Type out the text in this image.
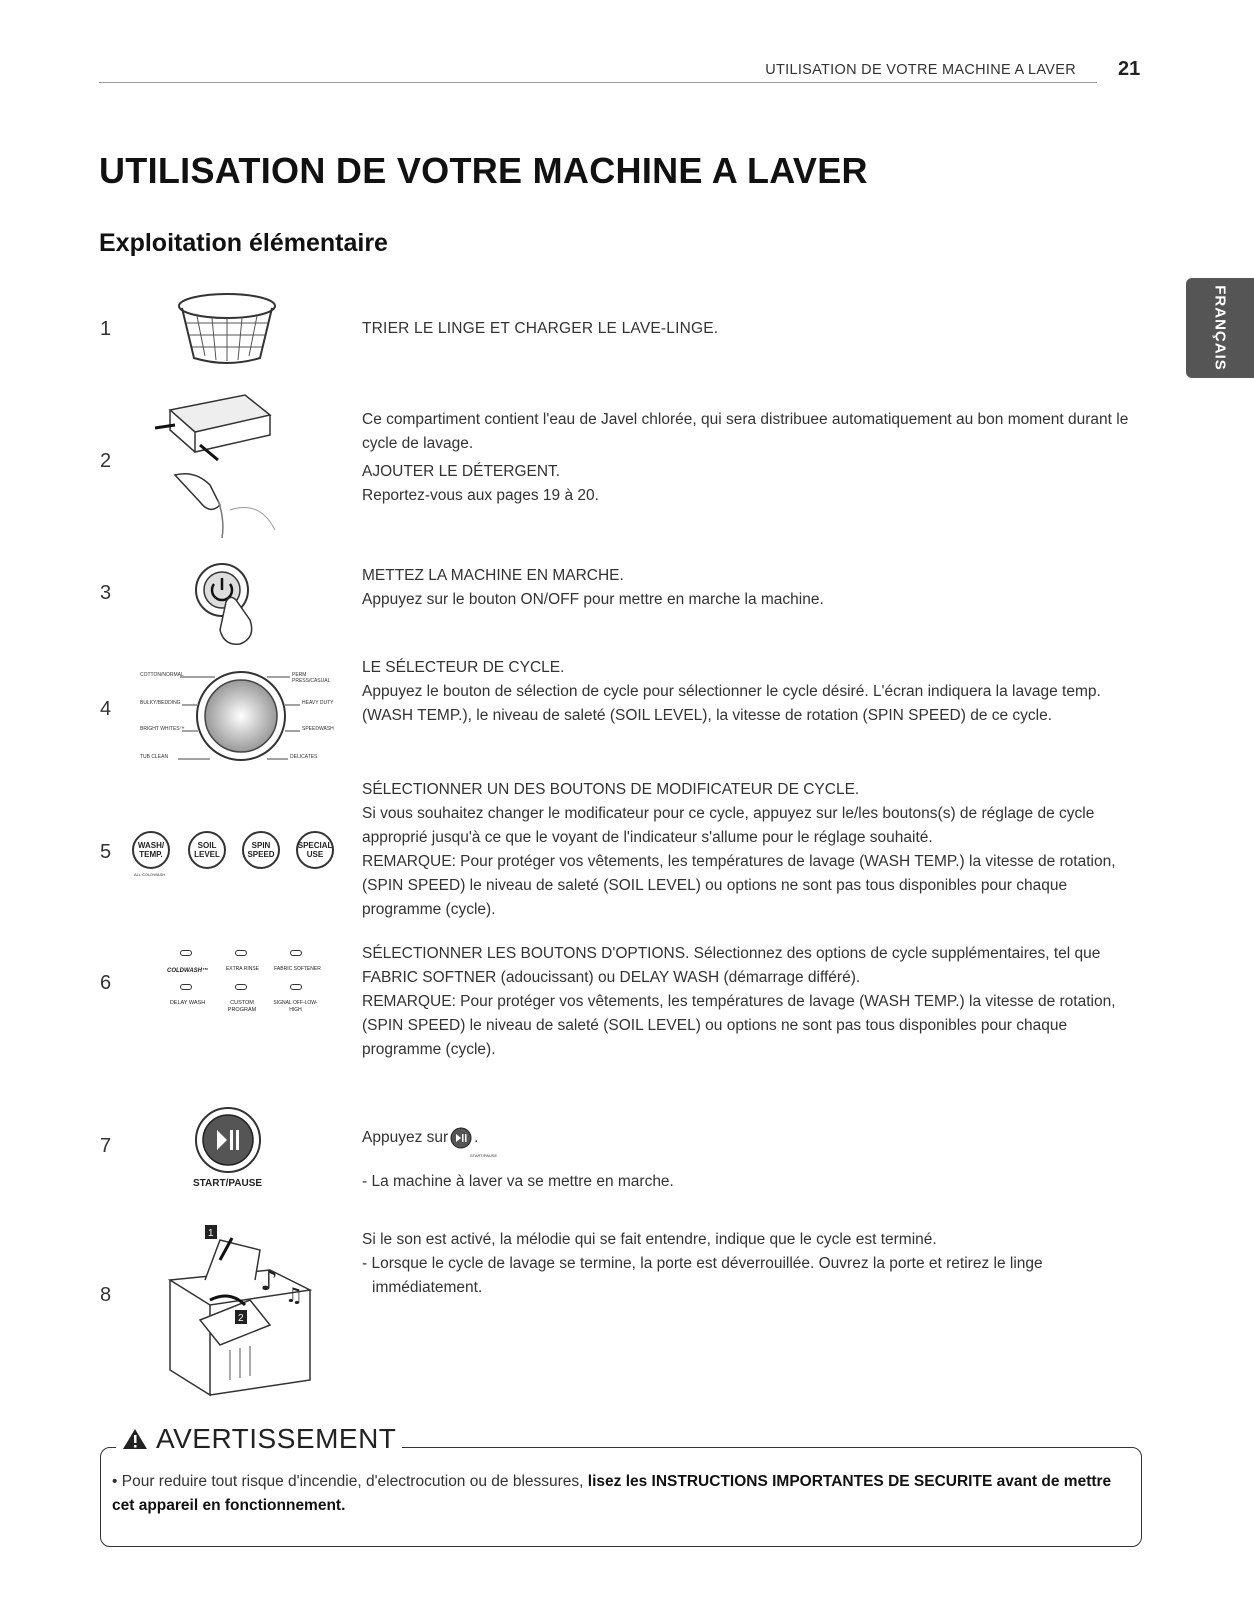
UTILISATION DE VOTRE MACHINE A LAVER 21
UTILISATION DE VOTRE MACHINE A LAVER
Exploitation élémentaire
FRANÇAIS
1	TRIER LE LINGE ET CHARGER LE LAVE-LINGE.

2

Ce compartiment contient l'eau de Javel chlorée, qui sera distribuee automatiquement au bon moment durant le cycle de lavage.

AJOUTER LE DÉTERGENT.

Reportez-vous aux pages 19 à 20.

3

METTEZ LA MACHINE EN MARCHE.

Appuyez sur le bouton ON/OFF pour mettre en marche la machine.

4
COTTON/NORMAL
BULKY/BEDDING
BRIGHT WHITES™
TUB CLEAN
PERM PRESS/CASUAL
HEAVY DUTY
SPEEDWASH
DELICATES

LE SÉLECTEUR DE CYCLE.

Appuyez le bouton de sélection de cycle pour sélectionner le cycle désiré. L'écran indiquera la lavage temp.(WASH TEMP.), le niveau de saleté (SOIL LEVEL), la vitesse de rotation (SPIN SPEED) de ce cycle.

5	WASH/ TEMP.
SOIL LEVEL
SPIN SPEED
SPECIAL USE
ALL COLDWASH

SÉLECTIONNER UN DES BOUTONS DE MODIFICATEUR DE CYCLE.

Si vous souhaitez changer le modificateur pour ce cycle, appuyez sur le/les boutons(s) de réglage de cycle approprié jusqu'à ce que le voyant de l'indicateur s'allume pour le réglage souhaité.

REMARQUE: Pour protéger vos vêtements, les températures de lavage (WASH TEMP.) la vitesse de rotation, (SPIN SPEED) le niveau de saleté (SOIL LEVEL) ou options ne sont pas tous disponibles pour chaque programme (cycle).

6
COLDWASH™	EXTRA RINSE	FABRIC SOFTENER
DELAY WASH	CUSTOM PROGRAM
SIGNAL OFF-LOW-HIGH

SÉLECTIONNER LES BOUTONS D'OPTIONS. Sélectionnez des options de cycle supplémentaires, tel que FABRIC SOFTNER (adoucissant) ou DELAY WASH (démarrage différé).

REMARQUE: Pour protéger vos vêtements, les températures de lavage (WASH TEMP.) la vitesse de rotation, (SPIN SPEED) le niveau de saleté (SOIL LEVEL) ou options ne sont pas tous disponibles pour chaque programme (cycle).

7
START/PAUSE

Appuyez sur .

START/PAUSE

- La machine à laver va se mettre en marche.

8
1
2
♪ ♫

Si le son est activé, la mélodie qui se fait entendre, indique que le cycle est terminé.

- Lorsque le cycle de lavage se termine, la porte est déverrouillée. Ouvrez la porte et retirez le linge immédiatement.

AVERTISSEMENT
• Pour reduire tout risque d'incendie, d'electrocution ou de blessures, lisez les INSTRUCTIONS IMPORTANTES DE SECURITE avant de mettre cet appareil en fonctionnement.
